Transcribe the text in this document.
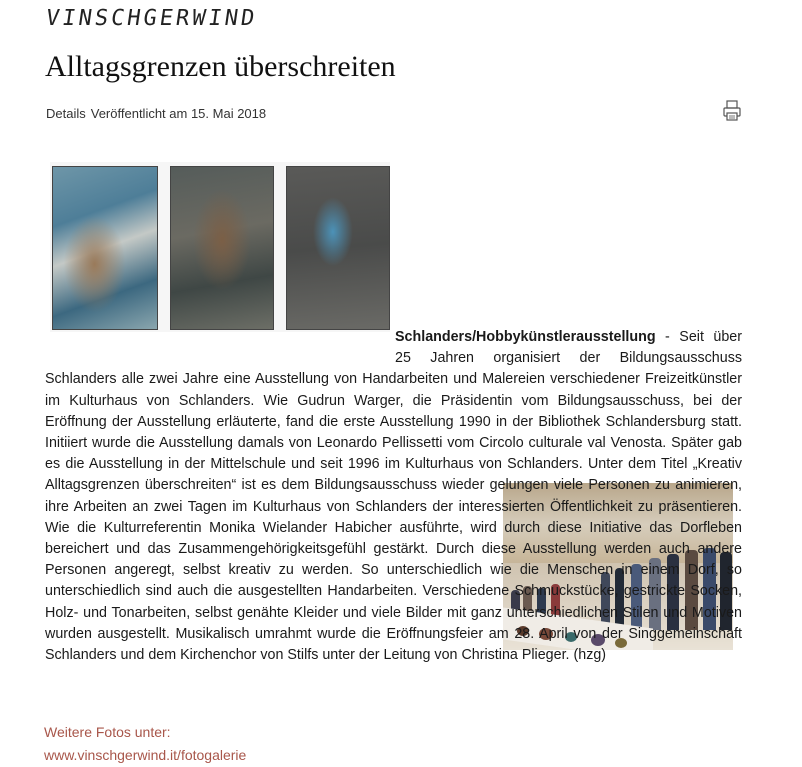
VINSCHGERWIND
Alltagsgrenzen überschreiten
Details Veröffentlicht am 15. Mai 2018
Schlanders/Hobbykünstlerausstellung - Seit über 25 Jahren organisiert der Bildungsausschuss Schlanders alle zwei Jahre eine Ausstellung von Handarbeiten und Malereien verschiedener Freizeitkünstler im Kulturhaus von Schlanders. Wie Gudrun Warger, die Präsidentin vom Bildungsausschuss, bei der Eröffnung der Ausstellung erläuterte, fand die erste Ausstellung 1990 in der Bibliothek Schlandersburg statt. Initiiert wurde die Ausstellung damals von Leonardo Pellissetti vom Circolo culturale val Venosta. Später gab es die Ausstellung in der Mittelschule und seit 1996 im Kulturhaus von Schlanders. Unter dem Titel „Kreativ Alltagsgrenzen überschreiten“ ist es dem Bildungsausschuss wieder gelungen viele Personen zu animieren, ihre Arbeiten an zwei Tagen im Kulturhaus von Schlanders der interessierten Öffentlichkeit zu präsentieren. Wie die Kulturreferentin Monika Wielander Habicher ausführte, wird durch diese Initiative das Dorfleben bereichert und das Zusammengehörigkeitsgefühl gestärkt. Durch diese Ausstellung werden auch andere Personen angeregt, selbst kreativ zu werden. So unterschiedlich wie die Menschen in einem Dorf, so unterschiedlich sind auch die ausgestellten Handarbeiten. Verschiedene Schmuckstücke, gestrickte Socken, Holz- und Tonarbeiten, selbst genähte Kleider und viele Bilder mit ganz unterschiedlichen Stilen und Motiven wurden ausgestellt. Musikalisch umrahmt wurde die Eröffnungsfeier am 28. April von der Singgemeinschaft Schlanders und dem Kirchenchor von Stilfs unter der Leitung von Christina Plieger. (hzg)
Weitere Fotos unter:
www.vinschgerwind.it/fotogalerie
